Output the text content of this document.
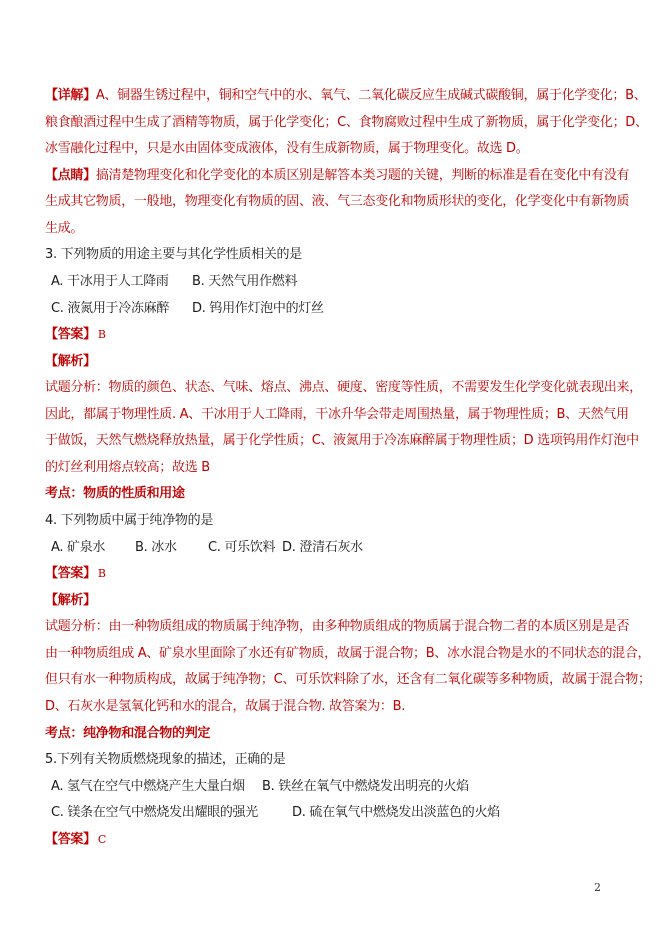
【详解】A、铜器生锈过程中，铜和空气中的水、氧气、二氧化碳反应生成碱式碳酸铜，属于化学变化；B、
粮食酿酒过程中生成了酒精等物质，属于化学变化；C、食物腐败过程中生成了新物质，属于化学变化；D、
冰雪融化过程中，只是水由固体变成液体，没有生成新物质，属于物理变化。故选 D。
【点睛】搞清楚物理变化和化学变化的本质区别是解答本类习题的关键，判断的标准是看在变化中有没有
生成其它物质，一般地，物理变化有物质的固、液、气三态变化和物质形状的变化，化学变化中有新物质
生成。
3. 下列物质的用途主要与其化学性质相关的是
A. 干冰用于人工降雨 B. 天然气用作燃料
C. 液氮用于冷冻麻醉 D. 钨用作灯泡中的灯丝
【答案】 B
【解析】
试题分析：物质的颜色、状态、气味、熔点、沸点、硬度、密度等性质，不需要发生化学变化就表现出来，
因此，都属于物理性质. A、干冰用于人工降雨，干冰升华会带走周围热量，属于物理性质；B、天然气用
于做饭，天然气燃烧释放热量，属于化学性质；C、液氮用于冷冻麻醉属于物理性质；D 选项钨用作灯泡中
的灯丝利用熔点较高；故选 B
考点：物质的性质和用途
4. 下列物质中属于纯净物的是
A. 矿泉水 B. 冰水 C. 可乐饮料 D. 澄清石灰水
【答案】 B
【解析】
试题分析：由一种物质组成的物质属于纯净物，由多种物质组成的物质属于混合物二者的本质区别是是否
由一种物质组成 A、矿泉水里面除了水还有矿物质，故属于混合物；B、冰水混合物是水的不同状态的混合，
但只有水一种物质构成，故属于纯净物；C、可乐饮料除了水，还含有二氧化碳等多种物质，故属于混合物；
D、石灰水是氢氧化钙和水的混合，故属于混合物. 故答案为：B.
考点：纯净物和混合物的判定
5.下列有关物质燃烧现象的描述，正确的是
A. 氢气在空气中燃烧产生大量白烟 B. 铁丝在氧气中燃烧发出明亮的火焰
C. 镁条在空气中燃烧发出耀眼的强光	D. 硫在氧气中燃烧发出淡蓝色的火焰
【答案】 C
2
